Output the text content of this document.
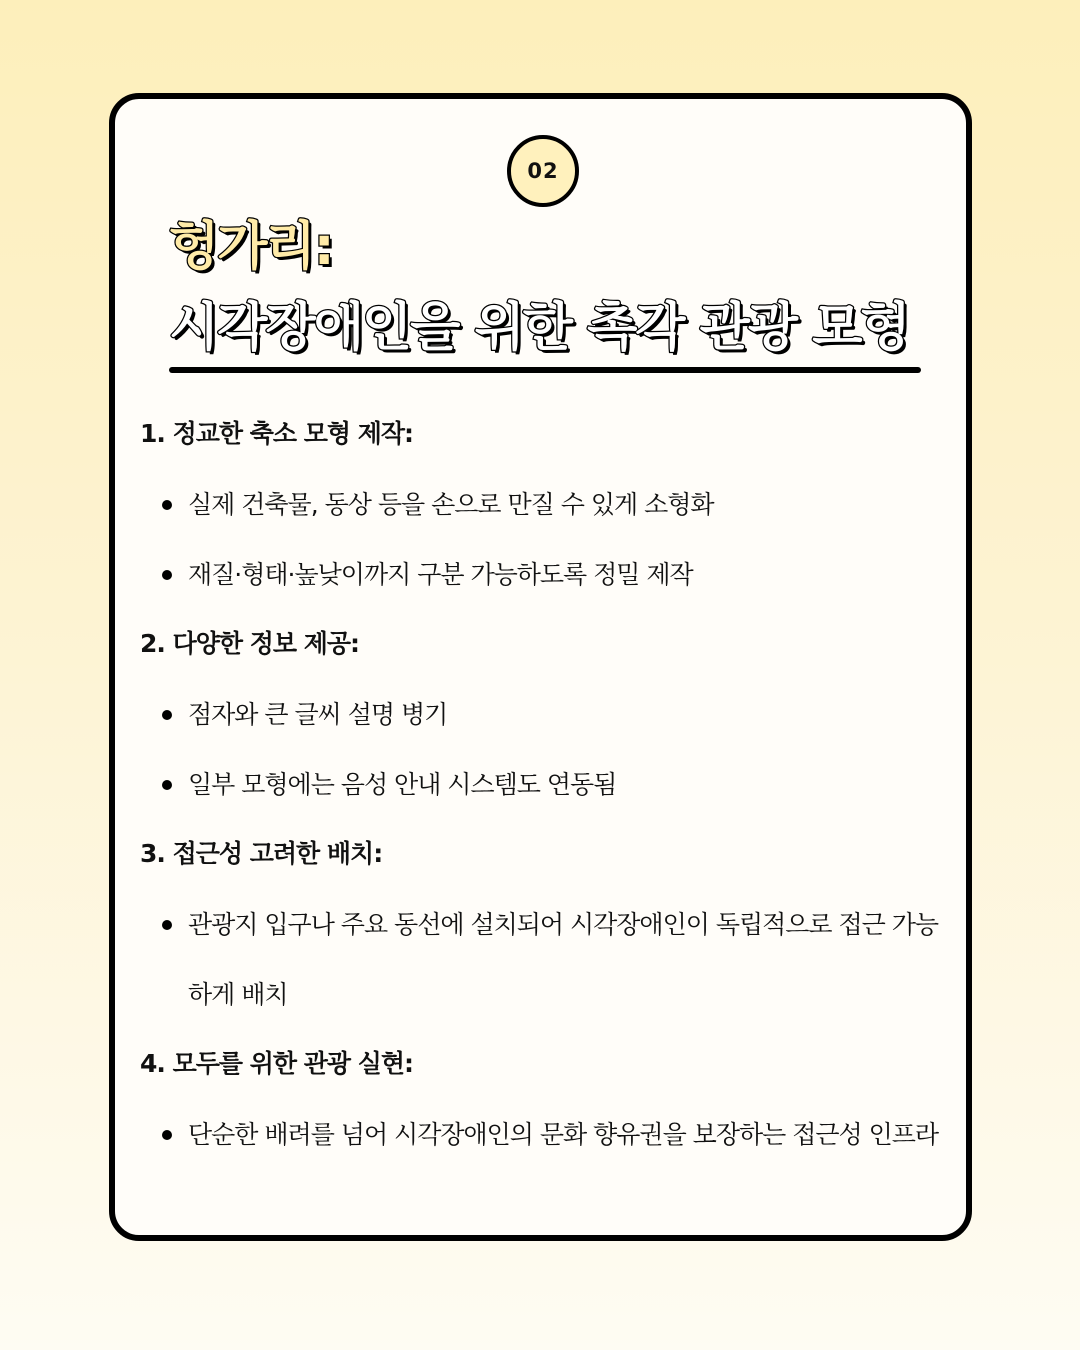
02
헝가리:
시각장애인을 위한 촉각 관광 모형
1. 정교한 축소 모형 제작:
실제 건축물, 동상 등을 손으로 만질 수 있게 소형화
재질·형태·높낮이까지 구분 가능하도록 정밀 제작
2. 다양한 정보 제공:
점자와 큰 글씨 설명 병기
일부 모형에는 음성 안내 시스템도 연동됨
3. 접근성 고려한 배치:
관광지 입구나 주요 동선에 설치되어 시각장애인이 독립적으로 접근 가능하게 배치
4. 모두를 위한 관광 실현:
단순한 배려를 넘어 시각장애인의 문화 향유권을 보장하는 접근성 인프라
